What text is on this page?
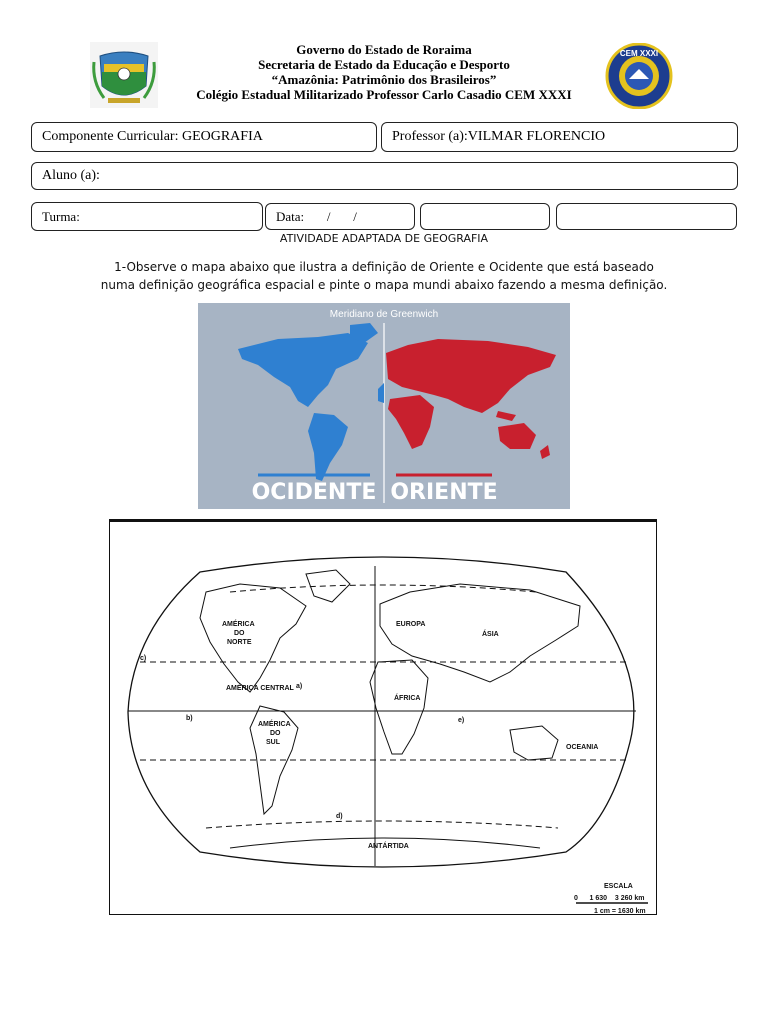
CEM XXXI
Governo do Estado de Roraima
Secretaria de Estado da Educação e Desporto
“Amazônia: Patrimônio dos Brasileiros”
Colégio Estadual Militarizado Professor Carlo Casadio CEM XXXI
Componente Curricular: GEOGRAFIA	Professor (a):VILMAR FLORENCIO
Aluno (a):
Turma:	Data:       /       /
ATIVIDADE ADAPTADA DE GEOGRAFIA
1-Observe o mapa abaixo que ilustra a definição de Oriente e Ocidente que está baseado
numa definição geográfica espacial e pinte o mapa mundi abaixo fazendo a mesma definição.
Meridiano de Greenwich
OCIDENTE ORIENTE
AMÉRICA
DO
NORTE
AMÉRICA CENTRAL
AMÉRICA
DO
SUL
EUROPA
ÁSIA
ÁFRICA
OCEANIA
ANTÁRTIDA
c)
a)
b)	e)
d)
ESCALA
0      1 630    3 260 km
1 cm = 1630 km
